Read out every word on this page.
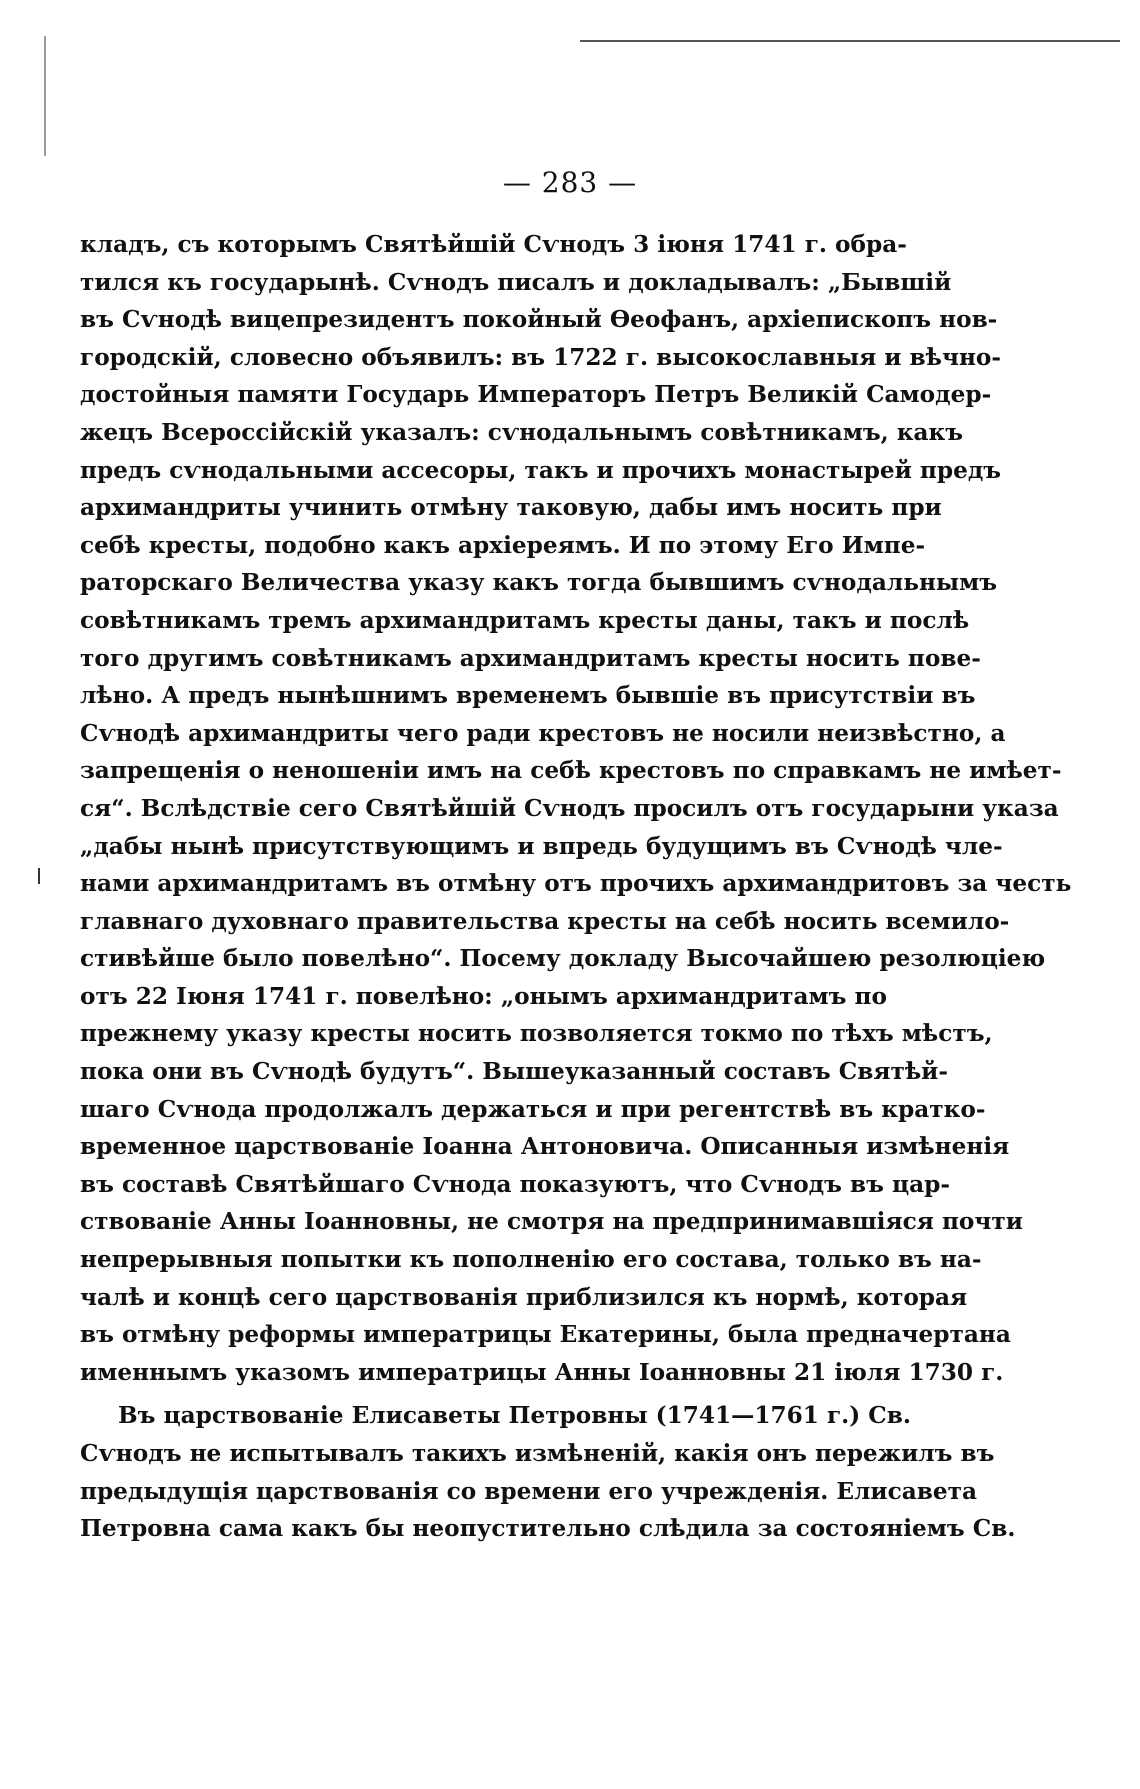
— 283 —
кладъ, съ которымъ Святѣйшій Сѵнодъ 3 іюня 1741 г. обра-
тился къ государынѣ. Сѵнодъ писалъ и докладывалъ: „Бывшій
въ Сѵнодѣ вицепрезидентъ покойный Ѳеофанъ, архіепископъ нов-
городскій, словесно объявилъ: въ 1722 г. высокославныя и вѣчно-
достойныя памяти Государь Императоръ Петръ Великій Самодер-
жецъ Всероссійскій указалъ: сѵнодальнымъ совѣтникамъ, какъ
предъ сѵнодальными ассесоры, такъ и прочихъ монастырей предъ
архимандриты учинить отмѣну таковую, дабы имъ носить при
себѣ кресты, подобно какъ архіереямъ. И по этому Его Импе-
раторскаго Величества указу какъ тогда бывшимъ сѵнодальнымъ
совѣтникамъ тремъ архимандритамъ кресты даны, такъ и послѣ
того другимъ совѣтникамъ архимандритамъ кресты носить пове-
лѣно. А предъ нынѣшнимъ временемъ бывшіе въ присутствіи въ
Сѵнодѣ архимандриты чего ради крестовъ не носили неизвѣстно, а
запрещенія о неношеніи имъ на себѣ крестовъ по справкамъ не имѣет-
ся“. Вслѣдствіе сего Святѣйшій Сѵнодъ просилъ отъ государыни указа
„дабы нынѣ присутствующимъ и впредь будущимъ въ Сѵнодѣ чле-
нами архимандритамъ въ отмѣну отъ прочихъ архимандритовъ за честь
главнаго духовнаго правительства кресты на себѣ носить всемило-
стивѣйше было повелѣно“. Посему докладу Высочайшею резолюціею
отъ 22 Іюня 1741 г. повелѣно: „онымъ архимандритамъ по
прежнему указу кресты носить позволяется токмо по тѣхъ мѣстъ,
пока они въ Сѵнодѣ будутъ“. Вышеуказанный составъ Святѣй-
шаго Сѵнода продолжалъ держаться и при регентствѣ въ кратко-
временное царствованіе Іоанна Антоновича. Описанныя измѣненія
въ составѣ Святѣйшаго Сѵнода показуютъ, что Сѵнодъ въ цар-
ствованіе Анны Іоанновны, не смотря на предпринимавшіяся почти
непрерывныя попытки къ пополненію его состава, только въ на-
чалѣ и концѣ сего царствованія приблизился къ нормѣ, которая
въ отмѣну реформы императрицы Екатерины, была предначертана
именнымъ указомъ императрицы Анны Іоанновны 21 іюля 1730 г.
Въ царствованіе Елисаветы Петровны (1741—1761 г.) Св.
Сѵнодъ не испытывалъ такихъ измѣненій, какія онъ пережилъ въ
предыдущія царствованія со времени его учрежденія. Елисавета
Петровна сама какъ бы неопустительно слѣдила за состояніемъ Св.
